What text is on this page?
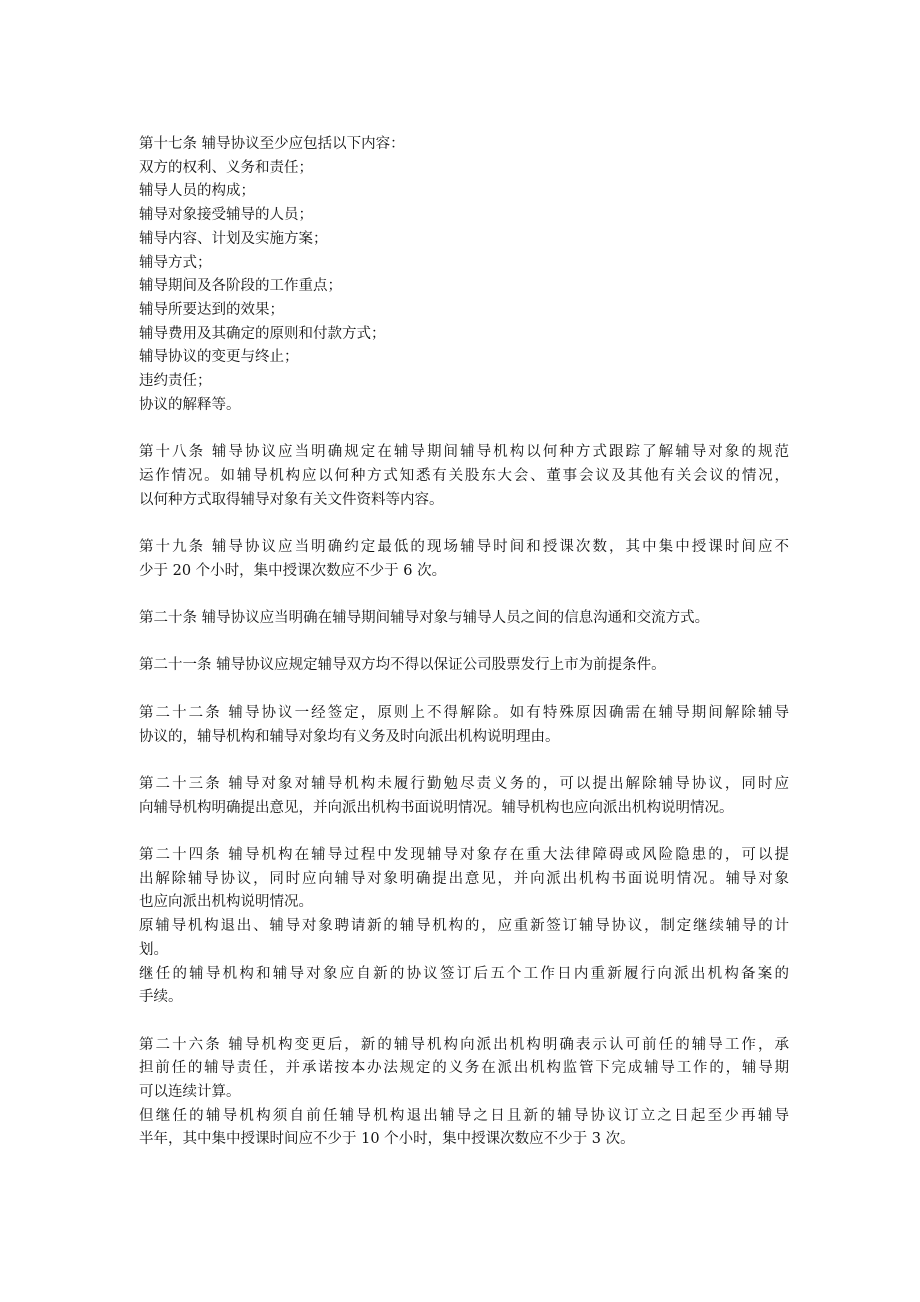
第十七条 辅导协议至少应包括以下内容：
双方的权利、义务和责任；
辅导人员的构成；
辅导对象接受辅导的人员；
辅导内容、计划及实施方案；
辅导方式；
辅导期间及各阶段的工作重点；
辅导所要达到的效果；
辅导费用及其确定的原则和付款方式；
辅导协议的变更与终止；
违约责任；
协议的解释等。
第十八条 辅导协议应当明确规定在辅导期间辅导机构以何种方式跟踪了解辅导对象的规范
运作情况。如辅导机构应以何种方式知悉有关股东大会、董事会议及其他有关会议的情况，
以何种方式取得辅导对象有关文件资料等内容。
第十九条 辅导协议应当明确约定最低的现场辅导时间和授课次数，其中集中授课时间应不
少于 20 个小时，集中授课次数应不少于 6 次。
第二十条 辅导协议应当明确在辅导期间辅导对象与辅导人员之间的信息沟通和交流方式。
第二十一条 辅导协议应规定辅导双方均不得以保证公司股票发行上市为前提条件。
第二十二条 辅导协议一经签定，原则上不得解除。如有特殊原因确需在辅导期间解除辅导
协议的，辅导机构和辅导对象均有义务及时向派出机构说明理由。
第二十三条 辅导对象对辅导机构未履行勤勉尽责义务的，可以提出解除辅导协议，同时应
向辅导机构明确提出意见，并向派出机构书面说明情况。辅导机构也应向派出机构说明情况。
第二十四条 辅导机构在辅导过程中发现辅导对象存在重大法律障碍或风险隐患的，可以提
出解除辅导协议，同时应向辅导对象明确提出意见，并向派出机构书面说明情况。辅导对象
也应向派出机构说明情况。
原辅导机构退出、辅导对象聘请新的辅导机构的，应重新签订辅导协议，制定继续辅导的计
划。
继任的辅导机构和辅导对象应自新的协议签订后五个工作日内重新履行向派出机构备案的
手续。
第二十六条 辅导机构变更后，新的辅导机构向派出机构明确表示认可前任的辅导工作，承
担前任的辅导责任，并承诺按本办法规定的义务在派出机构监管下完成辅导工作的，辅导期
可以连续计算。
但继任的辅导机构须自前任辅导机构退出辅导之日且新的辅导协议订立之日起至少再辅导
半年，其中集中授课时间应不少于 10 个小时，集中授课次数应不少于 3 次。
